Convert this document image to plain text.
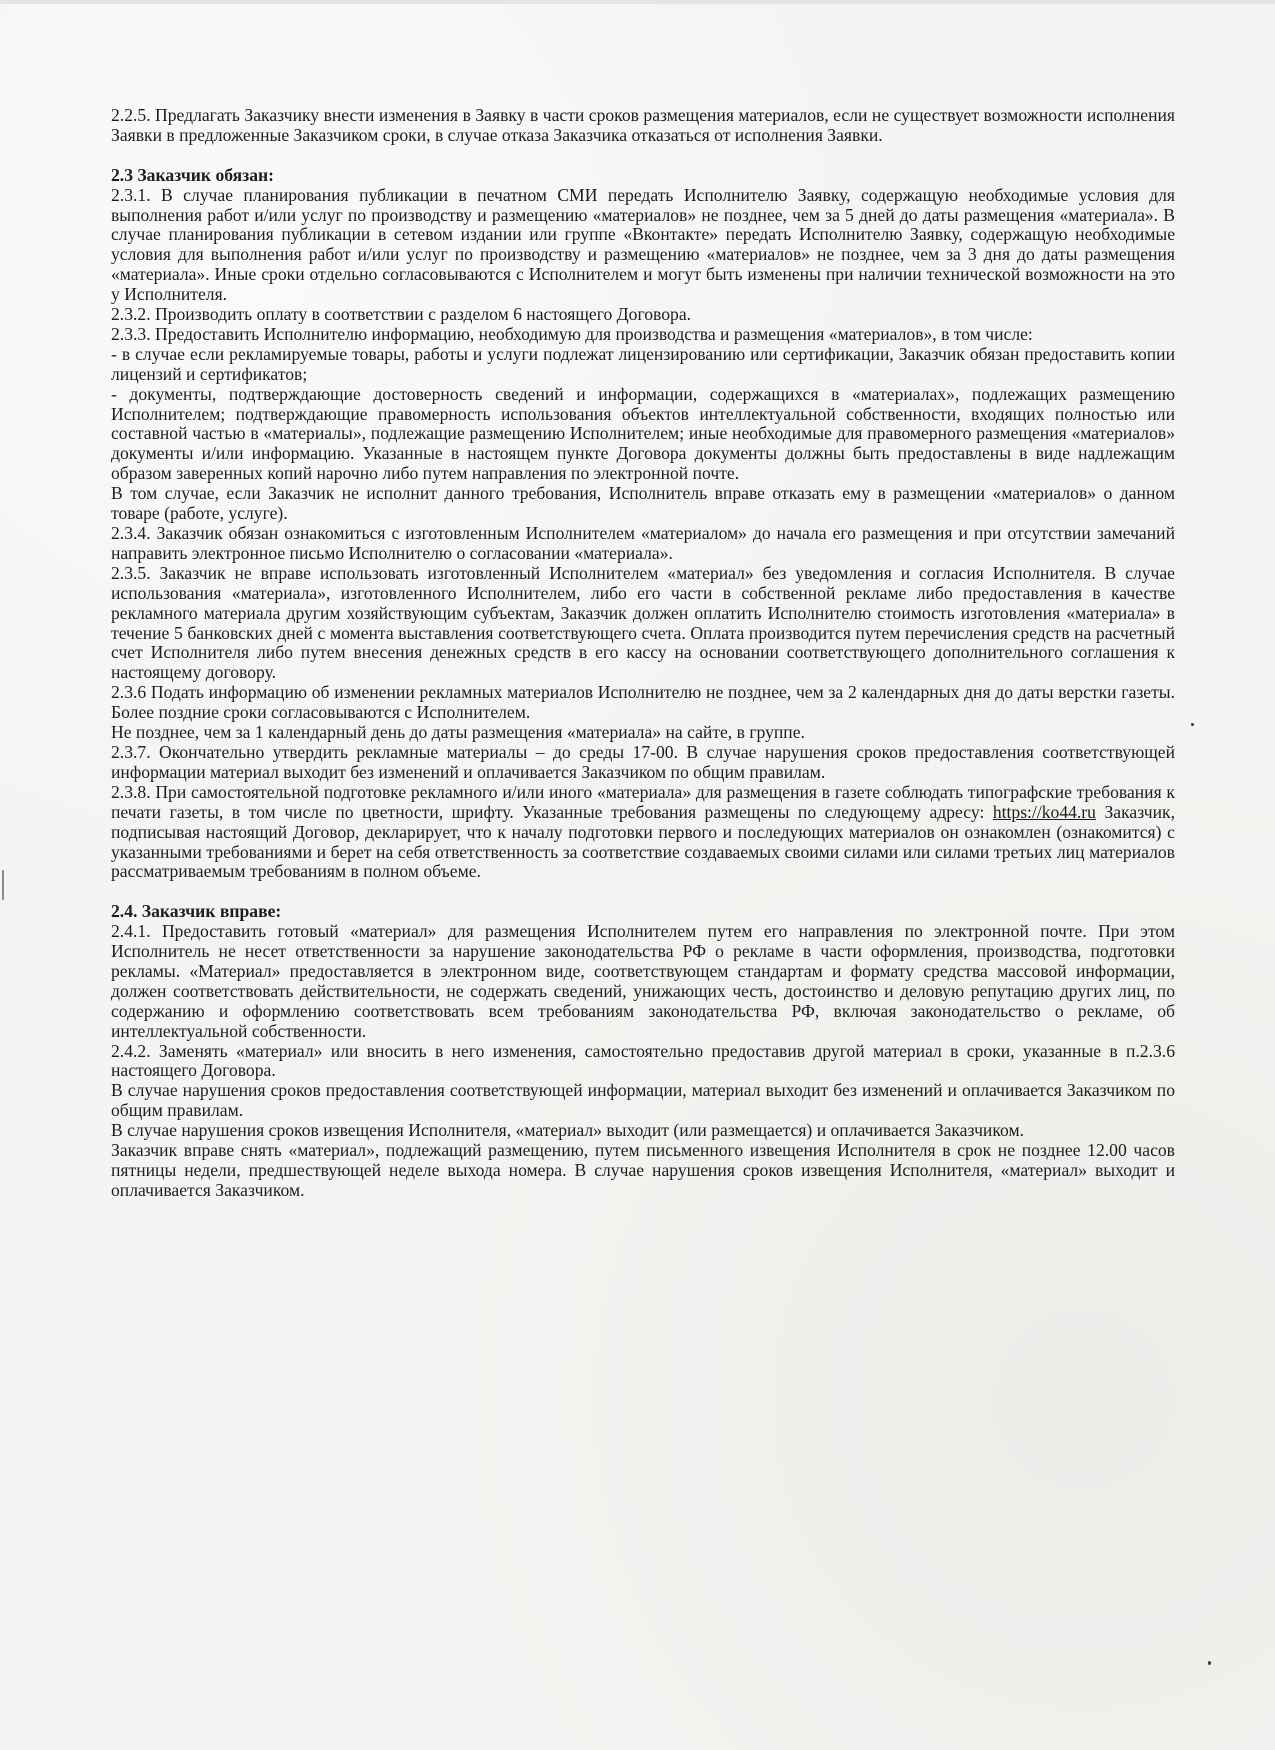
2.2.5. Предлагать Заказчику внести изменения в Заявку в части сроков размещения материалов, если не существует возможности исполнения Заявки в предложенные Заказчиком сроки, в случае отказа Заказчика отказаться от исполнения Заявки.

2.3 Заказчик обязан:

2.3.1. В случае планирования публикации в печатном СМИ передать Исполнителю Заявку, содержащую необходимые условия для выполнения работ и/или услуг по производству и размещению «материалов» не позднее, чем за 5 дней до даты размещения «материала». В случае планирования публикации в сетевом издании или группе «Вконтакте» передать Исполнителю Заявку, содержащую необходимые условия для выполнения работ и/или услуг по производству и размещению «материалов» не позднее, чем за 3 дня до даты размещения «материала». Иные сроки отдельно согласовываются с Исполнителем и могут быть изменены при наличии технической возможности на это у Исполнителя.

2.3.2. Производить оплату в соответствии с разделом 6 настоящего Договора.

2.3.3. Предоставить Исполнителю информацию, необходимую для производства и размещения «материалов», в том числе:

- в случае если рекламируемые товары, работы и услуги подлежат лицензированию или сертификации, Заказчик обязан предоставить копии лицензий и сертификатов;

- документы, подтверждающие достоверность сведений и информации, содержащихся в «материалах», подлежащих размещению Исполнителем; подтверждающие правомерность использования объектов интеллектуальной собственности, входящих полностью или составной частью в «материалы», подлежащие размещению Исполнителем; иные необходимые для правомерного размещения «материалов» документы и/или информацию. Указанные в настоящем пункте Договора документы должны быть предоставлены в виде надлежащим образом заверенных копий нарочно либо путем направления по электронной почте.

В том случае, если Заказчик не исполнит данного требования, Исполнитель вправе отказать ему в размещении «материалов» о данном товаре (работе, услуге).

2.3.4. Заказчик обязан ознакомиться с изготовленным Исполнителем «материалом» до начала его размещения и при отсутствии замечаний направить электронное письмо Исполнителю о согласовании «материала».

2.3.5. Заказчик не вправе использовать изготовленный Исполнителем «материал» без уведомления и согласия Исполнителя. В случае использования «материала», изготовленного Исполнителем, либо его части в собственной рекламе либо предоставления в качестве рекламного материала другим хозяйствующим субъектам, Заказчик должен оплатить Исполнителю стоимость изготовления «материала» в течение 5 банковских дней с момента выставления соответствующего счета. Оплата производится путем перечисления средств на расчетный счет Исполнителя либо путем внесения денежных средств в его кассу на основании соответствующего дополнительного соглашения к настоящему договору.

2.3.6 Подать информацию об изменении рекламных материалов Исполнителю не позднее, чем за 2 календарных дня до даты верстки газеты. Более поздние сроки согласовываются с Исполнителем.

Не позднее, чем за 1 календарный день до даты размещения «материала» на сайте, в группе.

2.3.7. Окончательно утвердить рекламные материалы – до среды 17-00. В случае нарушения сроков предоставления соответствующей информации материал выходит без изменений и оплачивается Заказчиком по общим правилам.

2.3.8. При самостоятельной подготовке рекламного и/или иного «материала» для размещения в газете соблюдать типографские требования к печати газеты, в том числе по цветности, шрифту. Указанные требования размещены по следующему адресу: https://ko44.ru Заказчик, подписывая настоящий Договор, декларирует, что к началу подготовки первого и последующих материалов он ознакомлен (ознакомится) с указанными требованиями и берет на себя ответственность за соответствие создаваемых своими силами или силами третьих лиц материалов рассматриваемым требованиям в полном объеме.

2.4. Заказчик вправе:

2.4.1. Предоставить готовый «материал» для размещения Исполнителем путем его направления по электронной почте. При этом Исполнитель не несет ответственности за нарушение законодательства РФ о рекламе в части оформления, производства, подготовки рекламы. «Материал» предоставляется в электронном виде, соответствующем стандартам и формату средства массовой информации, должен соответствовать действительности, не содержать сведений, унижающих честь, достоинство и деловую репутацию других лиц, по содержанию и оформлению соответствовать всем требованиям законодательства РФ, включая законодательство о рекламе, об интеллектуальной собственности.

2.4.2. Заменять «материал» или вносить в него изменения, самостоятельно предоставив другой материал в сроки, указанные в п.2.3.6 настоящего Договора.

В случае нарушения сроков предоставления соответствующей информации, материал выходит без изменений и оплачивается Заказчиком по общим правилам.

В случае нарушения сроков извещения Исполнителя, «материал» выходит (или размещается) и оплачивается Заказчиком.

Заказчик вправе снять «материал», подлежащий размещению, путем письменного извещения Исполнителя в срок не позднее 12.00 часов пятницы недели, предшествующей неделе выхода номера. В случае нарушения сроков извещения Исполнителя, «материал» выходит и оплачивается Заказчиком.
